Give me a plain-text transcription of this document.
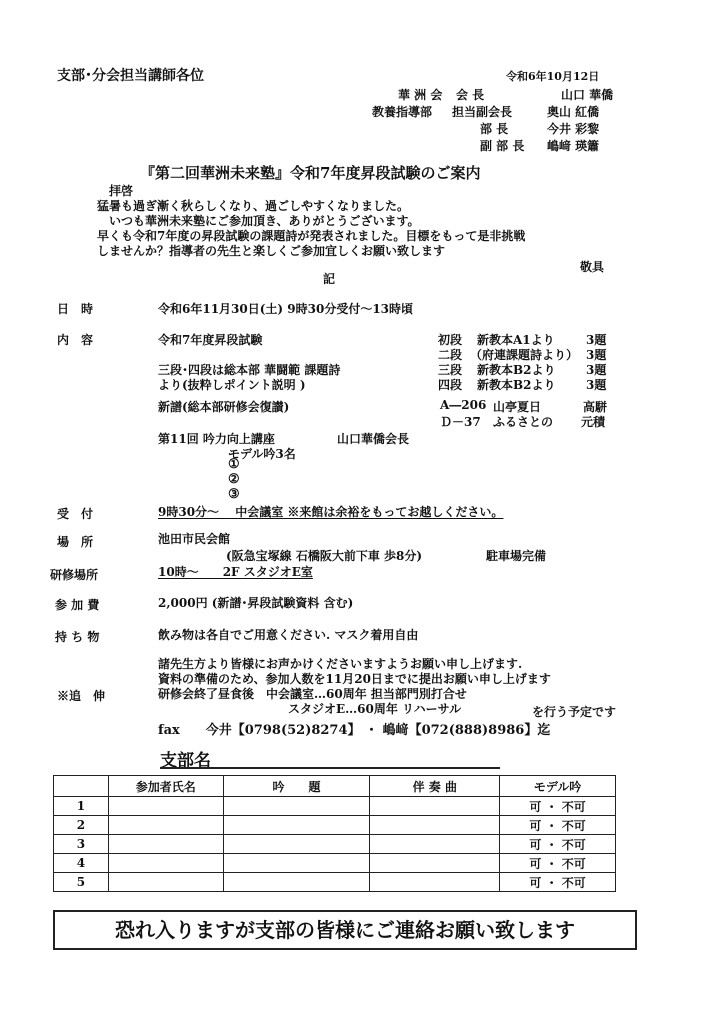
支部･分会担当講師各位	令和6年10月12日
華 洲 会 会 長	山口 華僑
教養指導部 担当副会長	奥山 紅僑
部 長	今井 彩黎
副 部 長 嶋﨑 瑛簫
『第二回華洲未来塾』令和7年度昇段試験のご案内
拝啓
猛暑も過ぎ漸く秋らしくなり、過ごしやすくなりました。
　いつも華洲未来塾にご参加頂き、ありがとうございます。
早くも令和7年度の昇段試験の課題詩が発表されました。目標をもって是非挑戦
しませんか？指導者の先生と楽しくご参加宜しくお願い致します
敬具
記
日　時	令和6年11月30日(土) 9時30分受付～13時頃
内　容	令和7年度昇段試験
三段･四段は総本部 華闘範 課題詩
より(抜粋しポイント説明 )
初段 新教本A1より	3題
二段 （府連課題詩より） 3題
三段 新教本B2より	3題
四段 新教本B2より	3題
新譜(総本部研修会復讃)	A―206 山亭夏日	高駢
Ｄ－37 ふるさとの 元積
第11回 吟力向上講座	山口華僑会長
モデル吟3名
①
②
③
受　付	9時30分～　 中会議室 ※来館は余裕をもってお越しください。
場　所	池田市民会館
(阪急宝塚線 石橋阪大前下車 歩8分)	駐車場完備
研修場所	10時～　　2F スタジオE室
参 加 費	2,000円 (新譜･昇段試験資料 含む)
持 ち 物	飲み物は各自でご用意ください. マスク着用自由
諸先生方より皆様にお声かけくださいますようお願い申し上げます.
資料の準備のため、参加人数を11月20日までに提出お願い申し上げます
※追　伸	研修会終了昼食後　中会議室…60周年 担当部門別打合せ
スタジオE…60周年 リハーサル	を行う予定です
fax　　今井【0798(52)8274】 ・ 嶋﨑【072(888)8986】迄
支部名
	参加者氏名	吟　　題	伴 奏 曲	モデル吟
1				可 ・ 不可
2				可 ・ 不可
3				可 ・ 不可
4				可 ・ 不可
5				可 ・ 不可
恐れ入りますが支部の皆様にご連絡お願い致します
